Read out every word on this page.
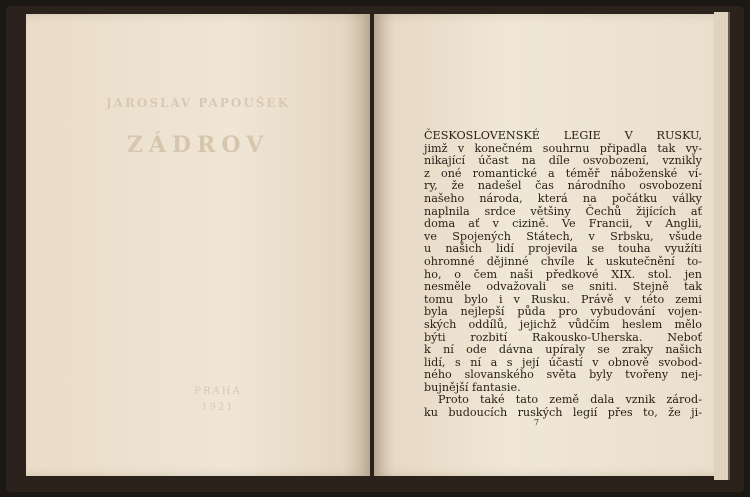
JAROSLAV PAPOUŠEK
ZÁDROV
PRAHA
1921

ČESKOSLOVENSKÉ LEGIE V RUSKU,
jimž v konečném souhrnu připadla tak vy-
nikající účast na díle osvobození, vznikly
z oné romantické a téměř náboženské ví-
ry, že nadešel čas národního osvobození
našeho národa, která na počátku války
naplnila srdce většiny Čechů žijících ať
doma ať v cizině. Ve Francii, v Anglii,
ve Spojených Státech, v Srbsku, všude
u našich lidí projevila se touha využíti
ohromné dějinné chvíle k uskutečnění to-
ho, o čem naši předkové XIX. stol. jen
nesměle odvažovali se sniti. Stejně tak
tomu bylo i v Rusku. Právě v této zemi
byla nejlepší půda pro vybudování vojen-
ských oddílů, jejichž vůdčím heslem mělo
býti rozbití Rakousko-Uherska. Neboť
k ní ode dávna upíraly se zraky našich
lidí, s ní a s její účastí v obnově svobod-
ného slovanského světa byly tvořeny nej-
bujnější fantasie.

Proto také tato země dala vznik zárod-
ku budoucích ruských legií přes to, že ji-

7
